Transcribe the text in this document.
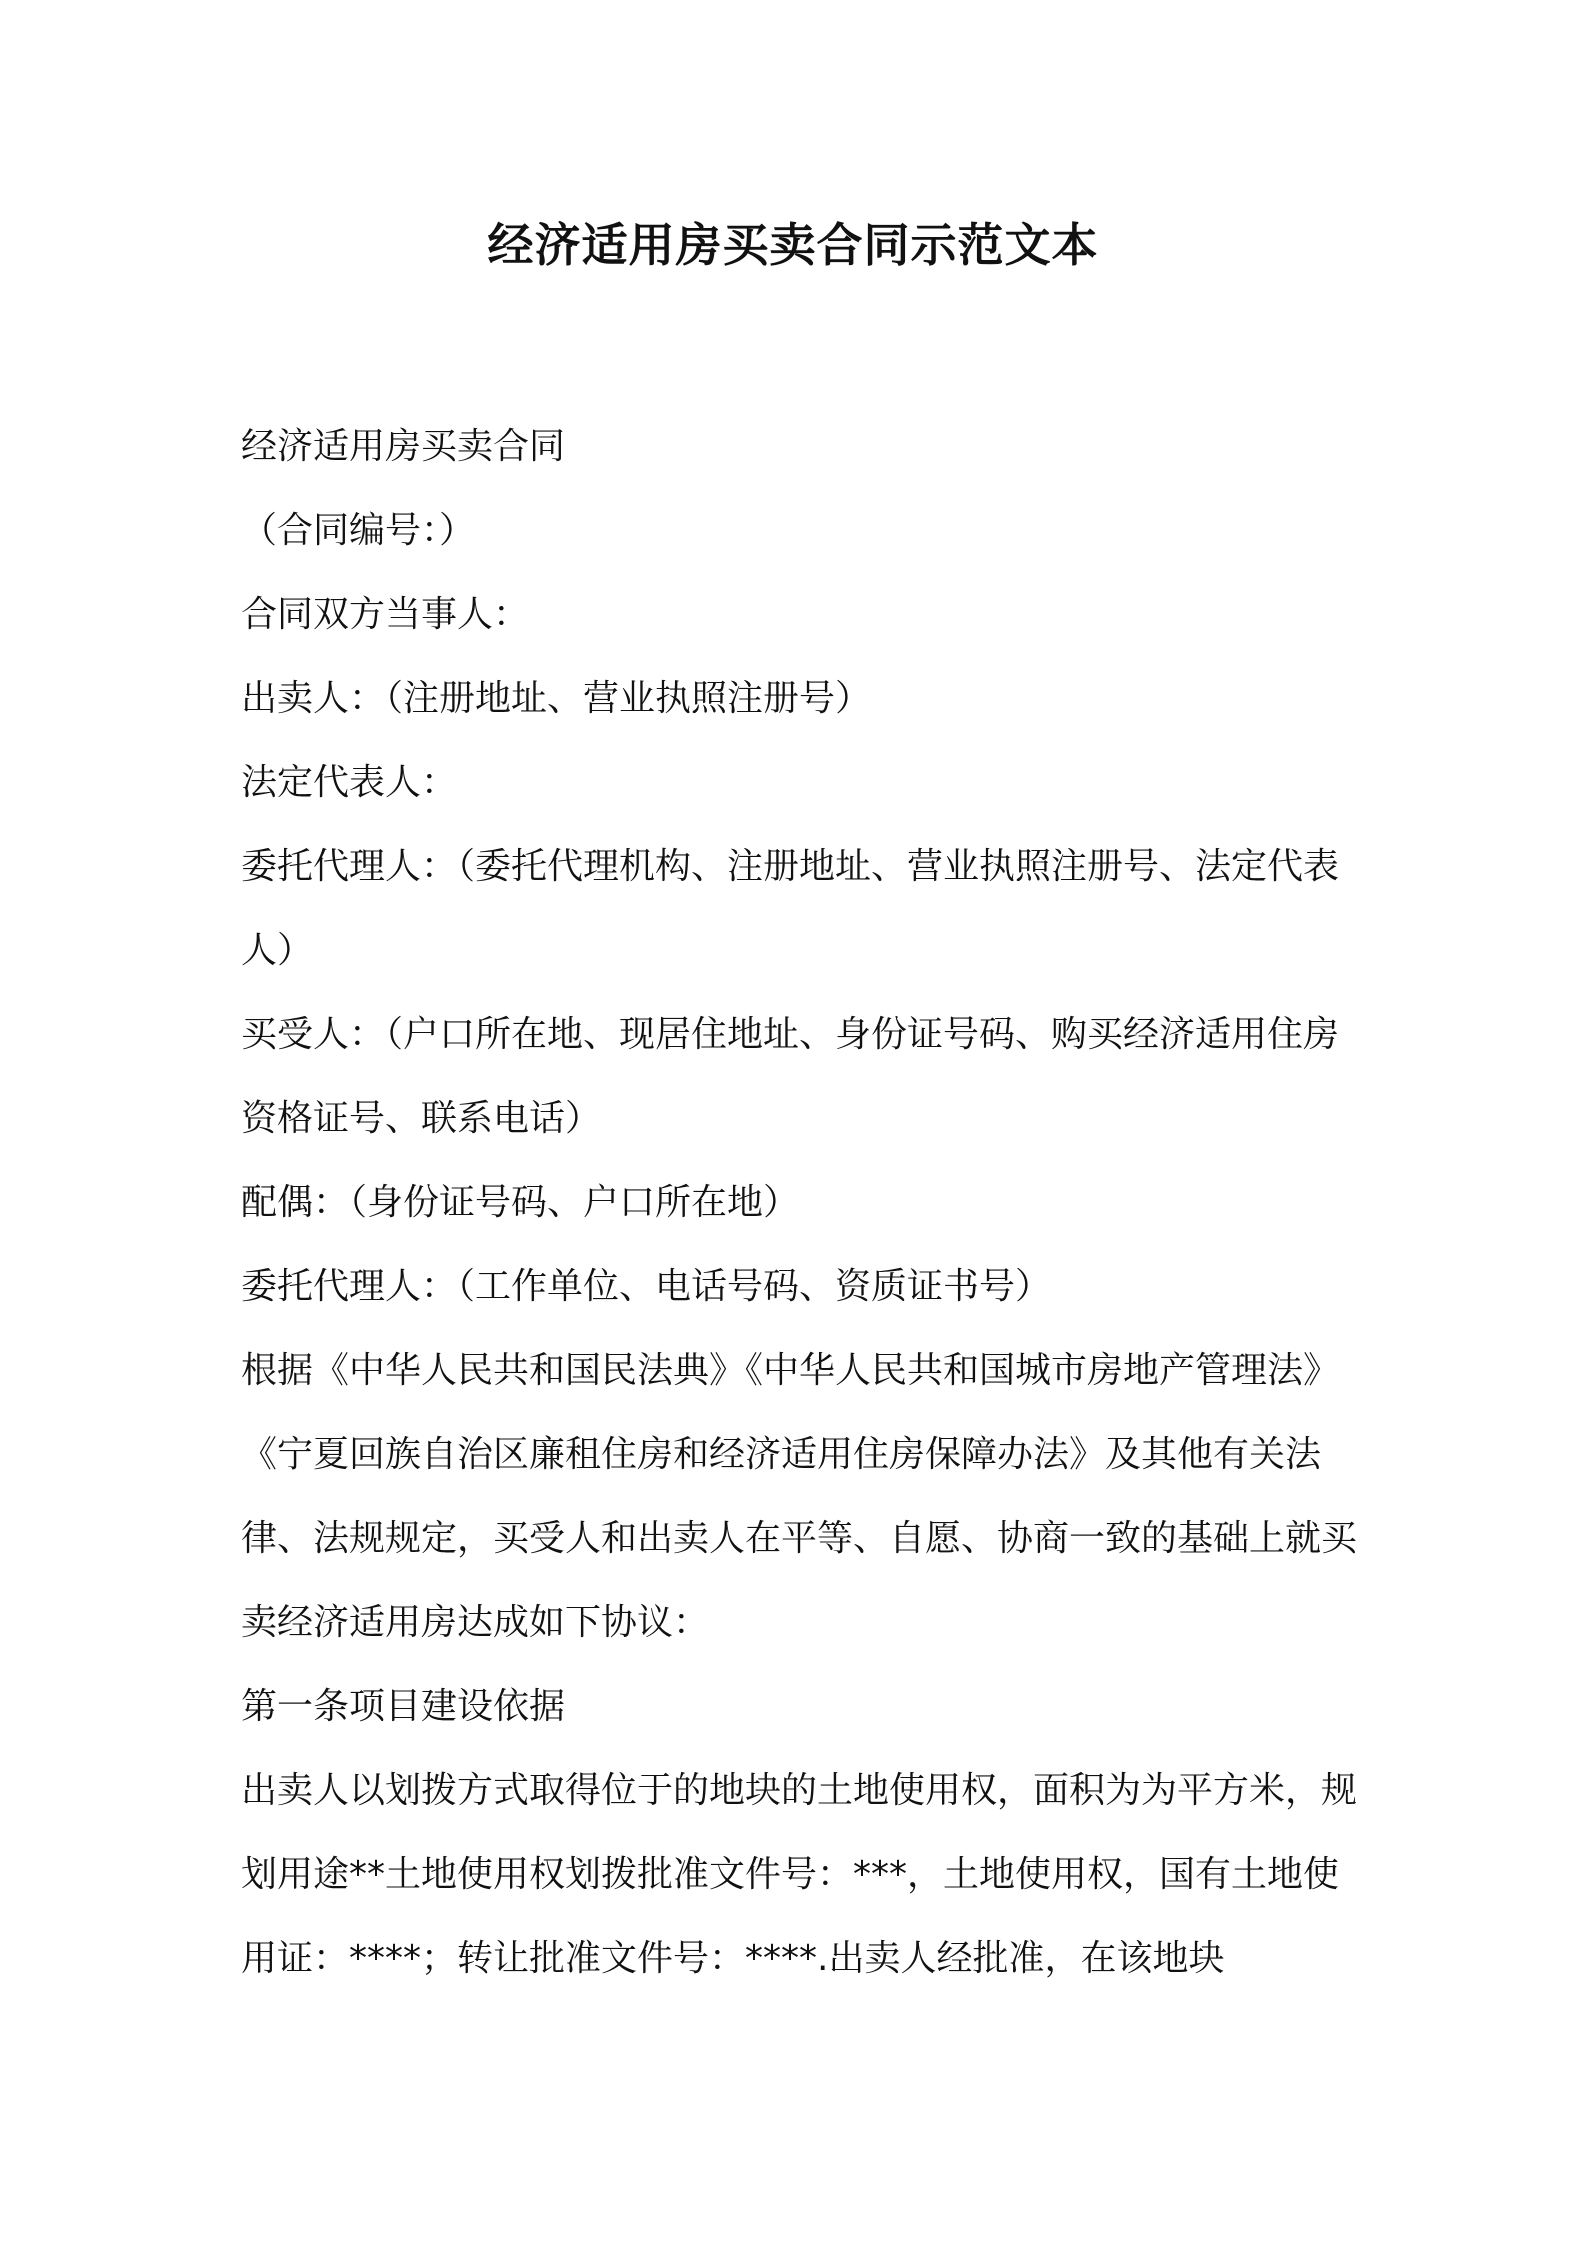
经济适用房买卖合同示范文本

经济适用房买卖合同

（合同编号：）

合同双方当事人：

出卖人：（注册地址、营业执照注册号）

法定代表人：

委托代理人：（委托代理机构、注册地址、营业执照注册号、法定代表人）

买受人：（户口所在地、现居住地址、身份证号码、购买经济适用住房资格证号、联系电话）

配偶：（身份证号码、户口所在地）

委托代理人：（工作单位、电话号码、资质证书号）

根据《中华人民共和国民法典》《中华人民共和国城市房地产管理法》《宁夏回族自治区廉租住房和经济适用住房保障办法》及其他有关法律、法规规定，买受人和出卖人在平等、自愿、协商一致的基础上就买卖经济适用房达成如下协议：

第一条项目建设依据

出卖人以划拨方式取得位于的地块的土地使用权，面积为为平方米，规划用途**土地使用权划拨批准文件号：***，土地使用权，国有土地使用证：****；转让批准文件号：****.出卖人经批准，在该地块
